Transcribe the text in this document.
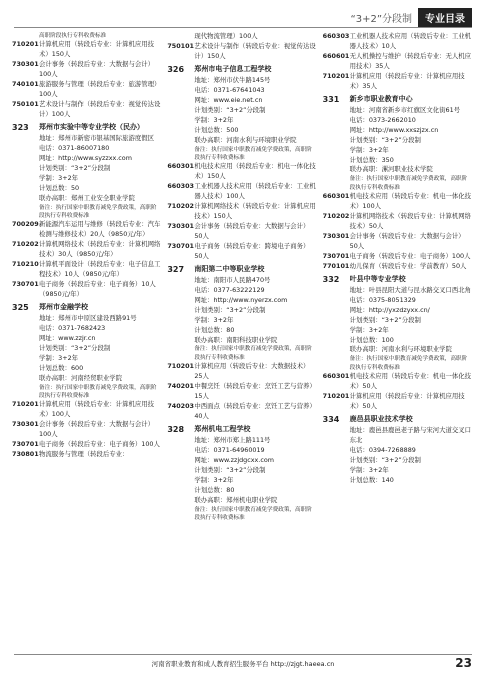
“3+2”分段制	专业目录
高职阶段执行专科收费标准
710201 计算机应用（转段后专业：计算机应用技术）150人
730301 会计事务（转段后专业：大数据与会计）100人
740101 旅游服务与管理（转段后专业：旅游管理）100人
750101 艺术设计与制作（转段后专业：视觉传达设计）100人
323	郑州市实验中等专业学校（民办）
地址：郑州市新密市银基国际旅游度假区
电话：0371-86007180
网址：http://www.syzzxx.com
计划类别：“3+2”分段制
学制：3+2年
计划总数：50
联办高职：郑州工业安全职业学院
备注：执行国家中职教育减免学费政策，高职阶段执行专科收费标准
700209 新能源汽车运用与维修（转段后专业：汽车检测与维修技术）20人（9850元/年）
710202 计算机网络技术（转段后专业：计算机网络技术）30人（9850元/年）
710210 计算机平面设计（转段后专业：电子信息工程技术）10人（9850元/年）
730701 电子商务（转段后专业：电子商务）10人（9850元/年）
325	郑州市金融学校
地址：郑州市中原区建设西路91号
电话：0371-7682423
网址：www.zzjr.cn
计划类别：“3+2”分段制
学制：3+2年
计划总数：600
联办高职：河南经贸职业学院
备注：执行国家中职教育减免学费政策，高职阶段执行专科收费标准
710201 计算机应用（转段后专业：计算机应用技术）100人
730301 会计事务（转段后专业：大数据与会计）100人
730701 电子商务（转段后专业：电子商务）100人
730801 物流服务与管理（转段后专业：
现代物流管理）100人
750101 艺术设计与制作（转段后专业：视觉传达设计）150人
326	郑州市电子信息工程学校
地址：郑州市伏牛路145号
电话：0371-67641043
网址：www.eie.net.cn
计划类别：“3+2”分段制
学制：3+2年
计划总数：500
联办高职：河南水利与环境职业学院
备注：执行国家中职教育减免学费政策，高职阶段执行专科收费标准
660301 机电技术应用（转段后专业：机电一体化技术）150人
660303 工业机器人技术应用（转段后专业：工业机器人技术）100人
710202 计算机网络技术（转段后专业：计算机应用技术）150人
730301 会计事务（转段后专业：大数据与会计）50人
730701 电子商务（转段后专业：跨境电子商务）50人
327	南阳第二中等职业学校
地址：南阳市人民路470号
电话：0377-63222129
网址：http://www.nyerzx.com
计划类别：“3+2”分段制
学制：3+2年
计划总数：80
联办高职：南阳科技职业学院
备注：执行国家中职教育减免学费政策，高职阶段执行专科收费标准
710201 计算机应用（转段后专业：大数据技术）25人
740201 中餐烹饪（转段后专业：烹饪工艺与营养）15人
740203 中西面点（转段后专业：烹饪工艺与营养）40人
328	郑州机电工程学校
地址：郑州市郑上路111号
电话：0371-64960019
网址：www.zzjdgcxx.com
计划类别：“3+2”分段制
学制：3+2年
计划总数：80
联办高职：郑州机电职业学院
备注：执行国家中职教育减免学费政策，高职阶段执行专科收费标准
660303 工业机器人技术应用（转段后专业：工业机器人技术）10人
660601 无人机操控与维护（转段后专业：无人机应用技术）35人
710201 计算机应用（转段后专业：计算机应用技术）35人
331	新乡市职业教育中心
地址：河南省新乡市红旗区文化街61号
电话：0373-2662010
网址：http://www.xxszjzx.cn
计划类别：“3+2”分段制
学制：3+2年
计划总数：350
联办高职：漯河职业技术学院
备注：执行国家中职教育减免学费政策，高职阶段执行专科收费标准
660301 机电技术应用（转段后专业：机电一体化技术）100人
710202 计算机网络技术（转段后专业：计算机网络技术）50人
730301 会计事务（转段后专业：大数据与会计）50人
730701 电子商务（转段后专业：电子商务）100人
770101 幼儿保育（转段后专业：学前教育）50人
332	叶县中等专业学校
地址：叶县昆阳大道与昆水路交叉口西北角
电话：0375-8051329
网址：http://yxzdzyxx.cn/
计划类别：“3+2”分段制
学制：3+2年
计划总数：100
联办高职：河南水利与环境职业学院
备注：执行国家中职教育减免学费政策，高职阶段执行专科收费标准
660301 机电技术应用（转段后专业：机电一体化技术）50人
710201 计算机应用（转段后专业：计算机应用技术）50人
334	鹿邑县职业技术学校
地址：鹿邑县鹿邑老子路与宋河大道交叉口东北
电话：0394-7268889
计划类别：“3+2”分段制
学制：3+2年
计划总数：140
河南省职业教育和成人教育招生服务平台 http://zjgt.haeea.cn	23
